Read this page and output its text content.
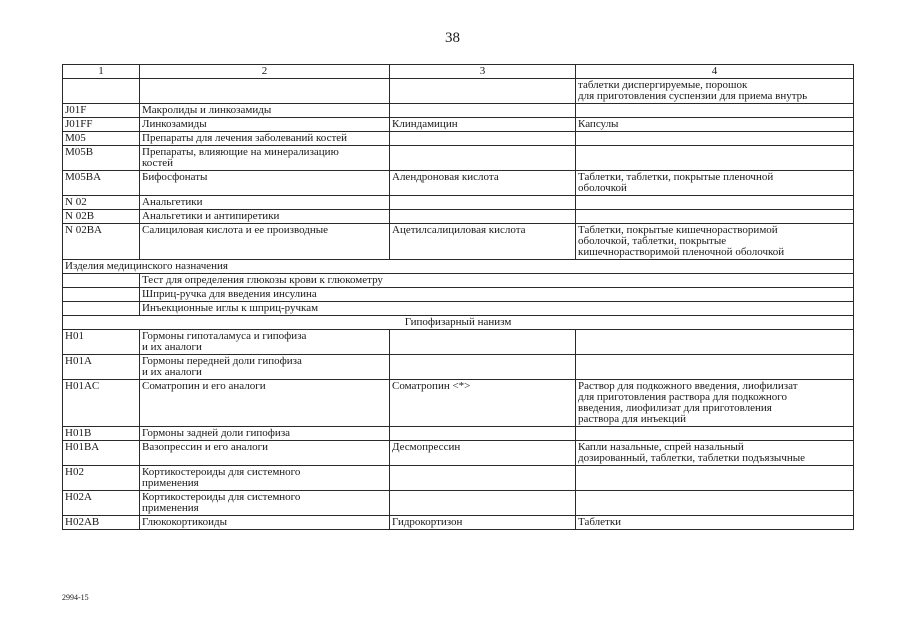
38
1	2	3	4
			таблетки диспергируемые, порошок
для приготовления суспензии для приема внутрь
J01F	Макролиды и линкозамиды		
J01FF	Линкозамиды	Клиндамицин	Капсулы
M05	Препараты для лечения заболеваний костей		
M05B	Препараты, влияющие на минерализацию
костей		
M05BA	Бифосфонаты	Алендроновая кислота	Таблетки, таблетки, покрытые пленочной
оболочкой
N 02	Анальгетики		
N 02B	Анальгетики и антипиретики		
N 02BA	Салициловая кислота и ее производные	Ацетилсалициловая кислота	Таблетки, покрытые кишечнорастворимой
оболочкой, таблетки, покрытые
кишечнорастворимой пленочной оболочкой
Изделия медицинского назначения			
	Тест для определения глюкозы крови к глюкометру		
	Шприц-ручка для введения инсулина		
	Инъекционные иглы к шприц-ручкам		
Гипофизарный нанизм			
H01	Гормоны гипоталамуса и гипофиза
и их аналоги		
H01A	Гормоны передней доли гипофиза
и их аналоги		
H01AC	Соматропин и его аналоги	Соматропин <*>	Раствор для подкожного введения, лиофилизат
для приготовления раствора для подкожного
введения, лиофилизат для приготовления
раствора для инъекций
H01B	Гормоны задней доли гипофиза		
H01BA	Вазопрессин и его аналоги	Десмопрессин	Капли назальные, спрей назальный
дозированный, таблетки, таблетки подъязычные
H02	Кортикостероиды для системного
применения		
H02A	Кортикостероиды для системного
применения		
H02AB	Глюкокортикоиды	Гидрокортизон	Таблетки
2994-15
